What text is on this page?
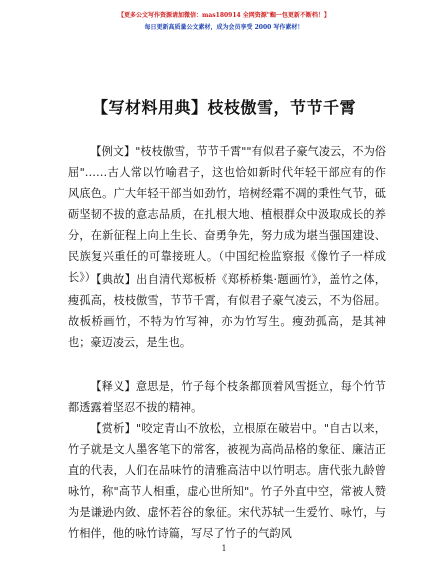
【更多公文写作资源请加微信：mas180914 全网资源"蜘一包更新不断档！】
每日更新高质量公文素材，成为会员享受 2000 写作素材！
【写材料用典】枝枝傲雪，节节千霄

【例文】"枝枝傲雪，节节千霄""有似君子豪气凌云，不为俗屈"……古人常以竹喻君子，这也恰如新时代年轻干部应有的作风底色。广大年轻干部当如劲竹，培树经霜不凋的秉性气节，砥砺坚韧不拔的意志品质，在扎根大地、植根群众中汲取成长的养分，在新征程上向上生长、奋勇争先，努力成为堪当强国建设、民族复兴重任的可靠接班人。（中国纪检监察报《像竹子一样成长》）

【典故】出自清代郑板桥《郑桥桥集·题画竹》，盖竹之体，瘦孤高，枝枝傲雪，节节千霄，有似君子豪气凌云，不为俗屈。故板桥画竹，不特为竹写神，亦为竹写生。瘦劲孤高，是其神也；豪迈凌云，是生也。

【释义】意思是，竹子每个枝条都顶着风雪挺立，每个竹节都透露着坚忍不拔的精神。

【赏析】"咬定青山不放松，立根原在破岩中。"自古以来，竹子就是文人墨客笔下的常客，被视为高尚品格的象征、廉洁正直的代表，人们在品味竹的清雅高洁中以竹明志。唐代张九龄曾咏竹，称"高节人相重，虚心世所知"。竹子外直中空，常被人赞为是谦逊内敛、虚怀若谷的象征。宋代苏轼一生爱竹、咏竹，与竹相伴，他的咏竹诗篇，写尽了竹子的气韵风

1
